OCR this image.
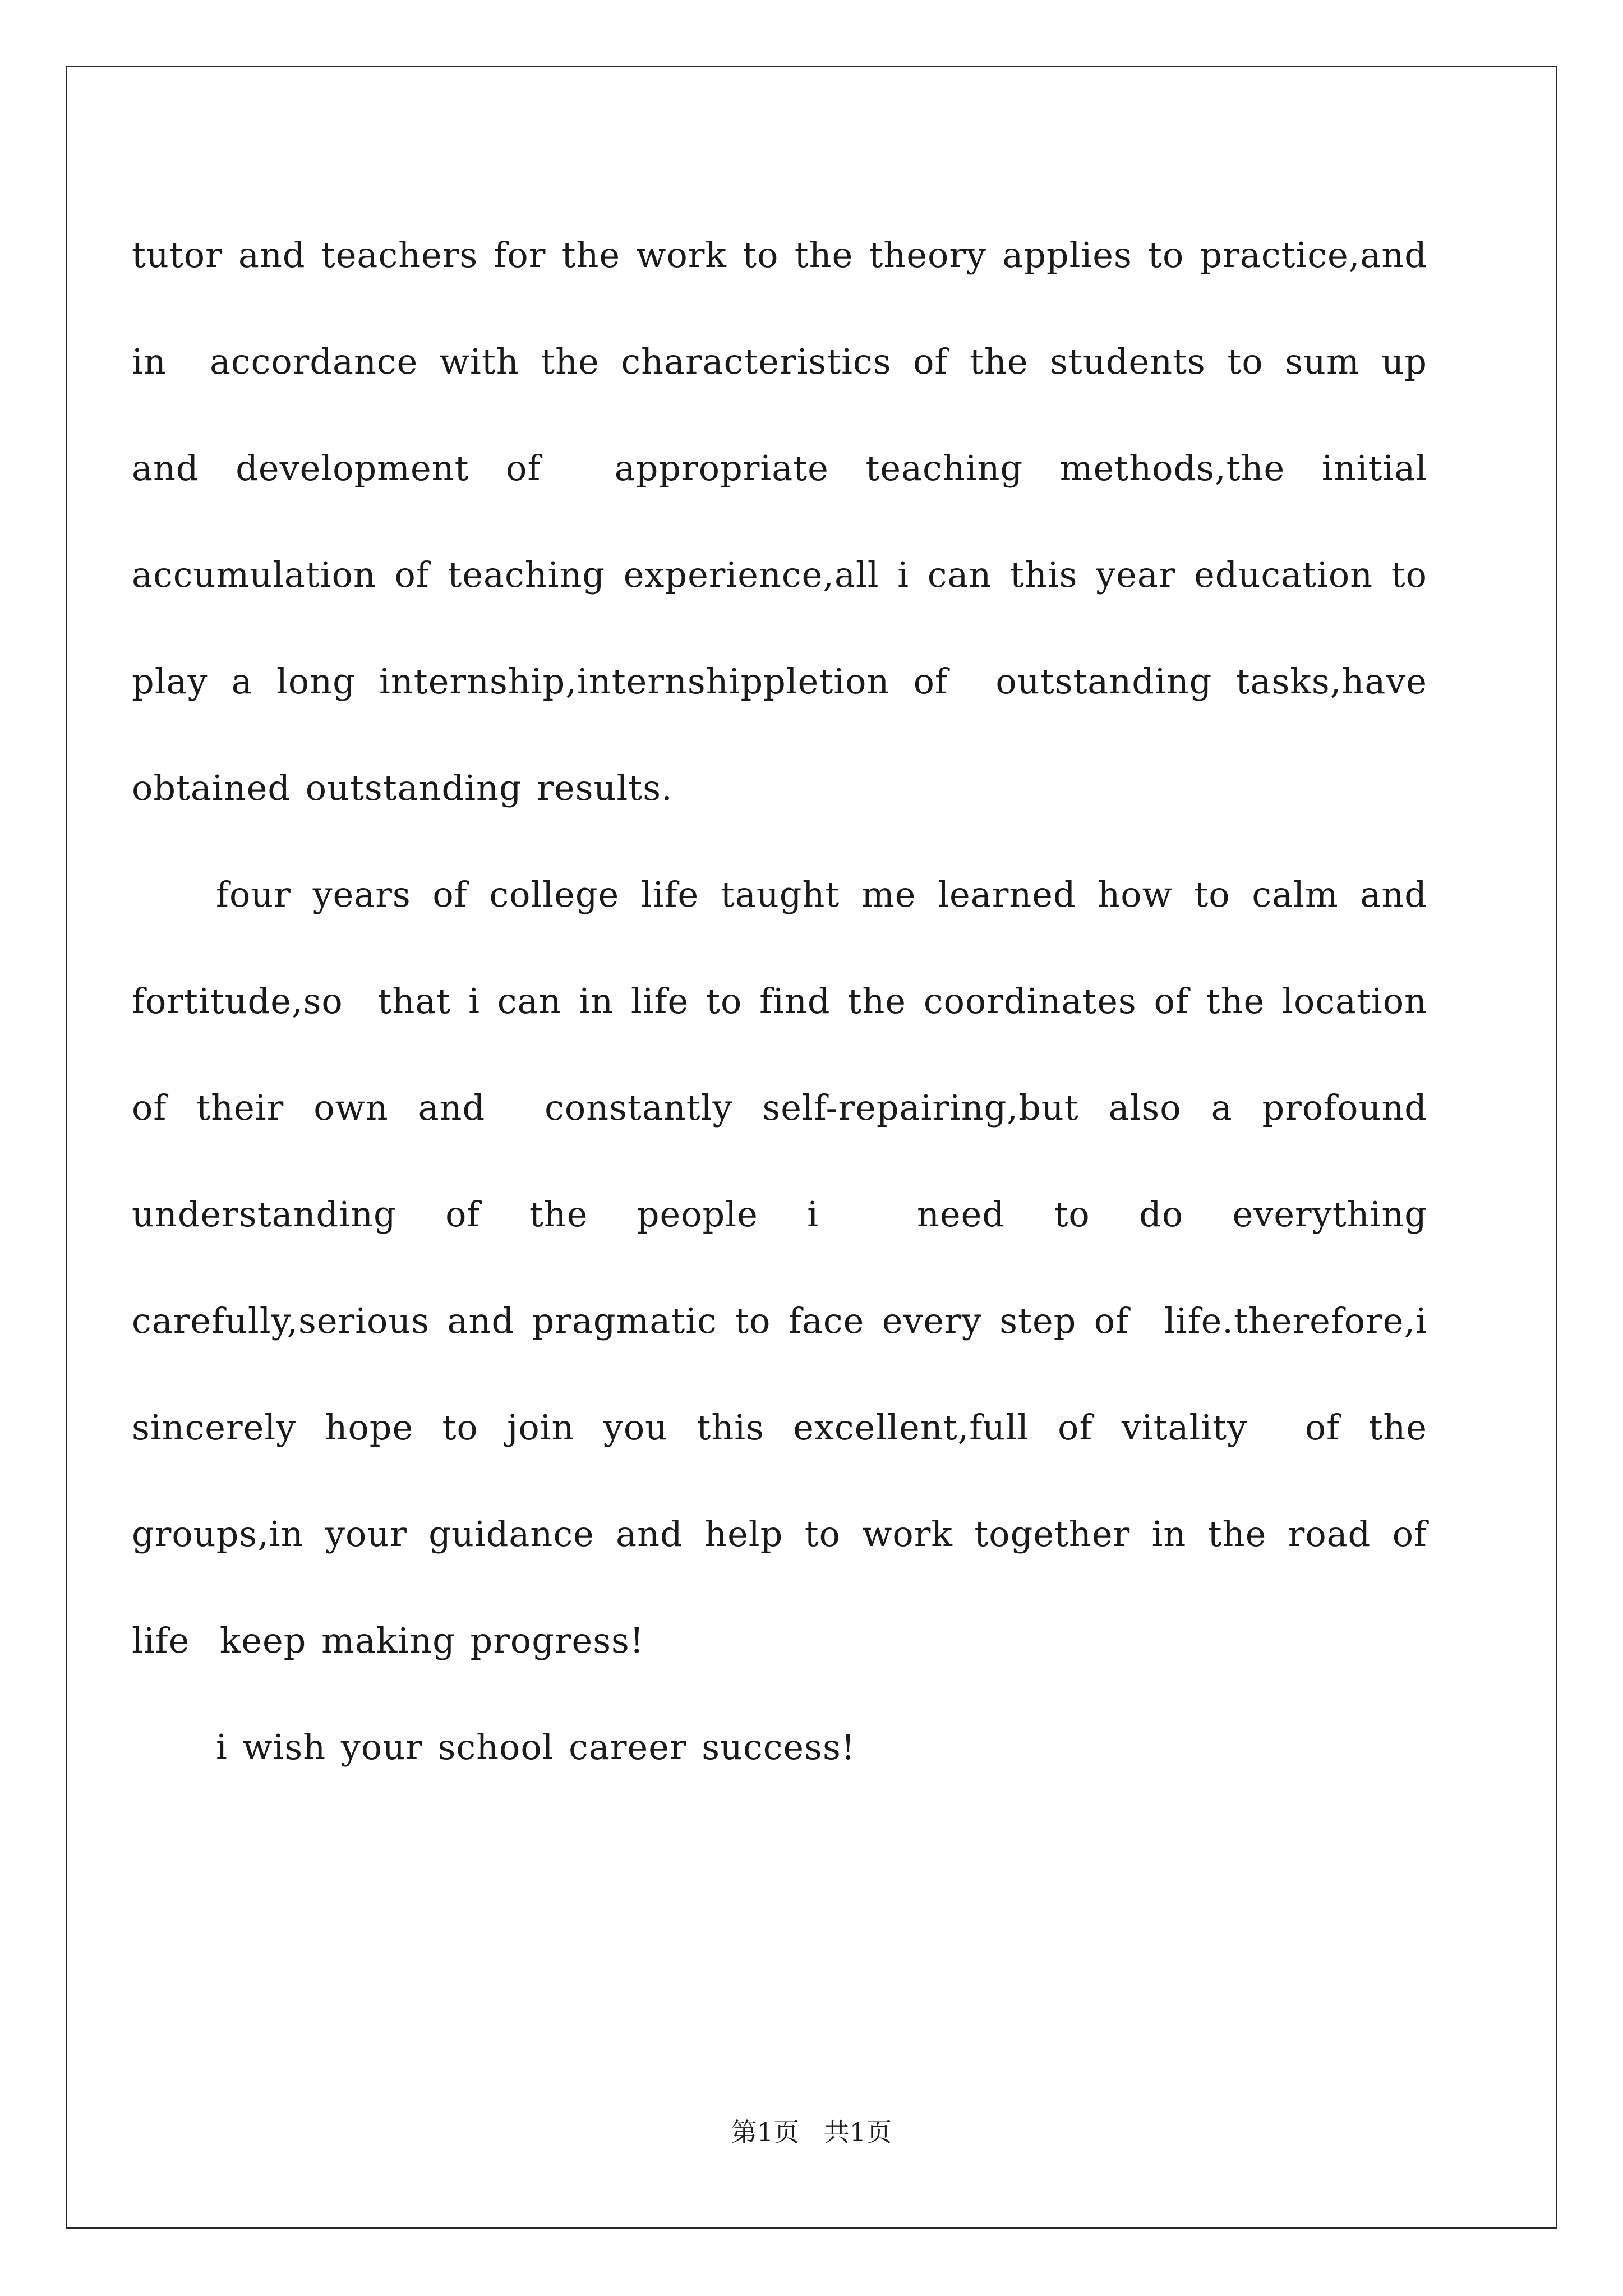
tutor and teachers for the work to the theory applies to practice,and in  accordance with the characteristics of the students to sum up and development of  appropriate teaching methods,the initial accumulation of teaching experience,all i can this year education to play a long internship,internshippletion of  outstanding tasks,have obtained outstanding results.

four years of college life taught me learned how to calm and fortitude,so  that i can in life to find the coordinates of the location of their own and  constantly self-repairing,but also a profound understanding of the people i  need to do everything carefully,serious and pragmatic to face every step of  life.therefore,i sincerely hope to join you this excellent,full of vitality  of the groups,in your guidance and help to work together in the road of life  keep making progress!

i wish your school career success!

第1页   共1页
